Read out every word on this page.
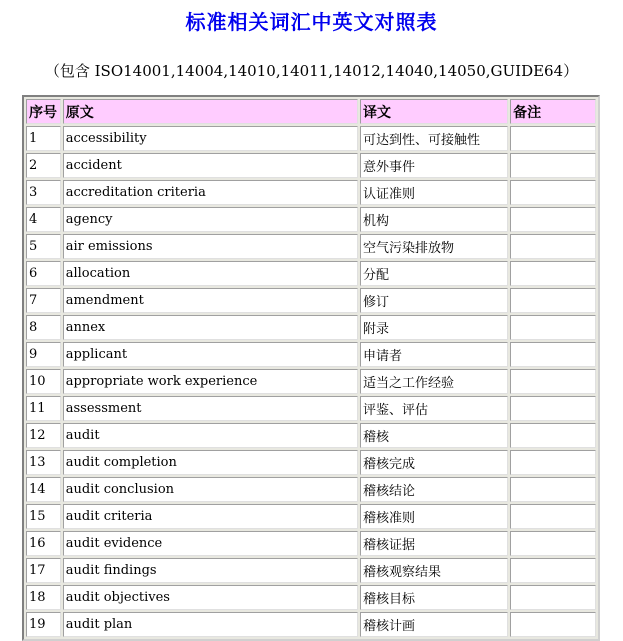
标准相关词汇中英文对照表
（包含 ISO14001,14004,14010,14011,14012,14040,14050,GUIDE64）
序号	原文	译文	备注
1	accessibility	可达到性、可接触性	
2	accident	意外事件	
3	accreditation criteria	认证准则	
4	agency	机构	
5	air emissions	空气污染排放物	
6	allocation	分配	
7	amendment	修订	
8	annex	附录	
9	applicant	申请者	
10	appropriate work experience	适当之工作经验	
11	assessment	评鉴、评估	
12	audit	稽核	
13	audit completion	稽核完成	
14	audit conclusion	稽核结论	
15	audit criteria	稽核准则	
16	audit evidence	稽核证据	
17	audit findings	稽核观察结果	
18	audit objectives	稽核目标	
19	audit plan	稽核计画	
